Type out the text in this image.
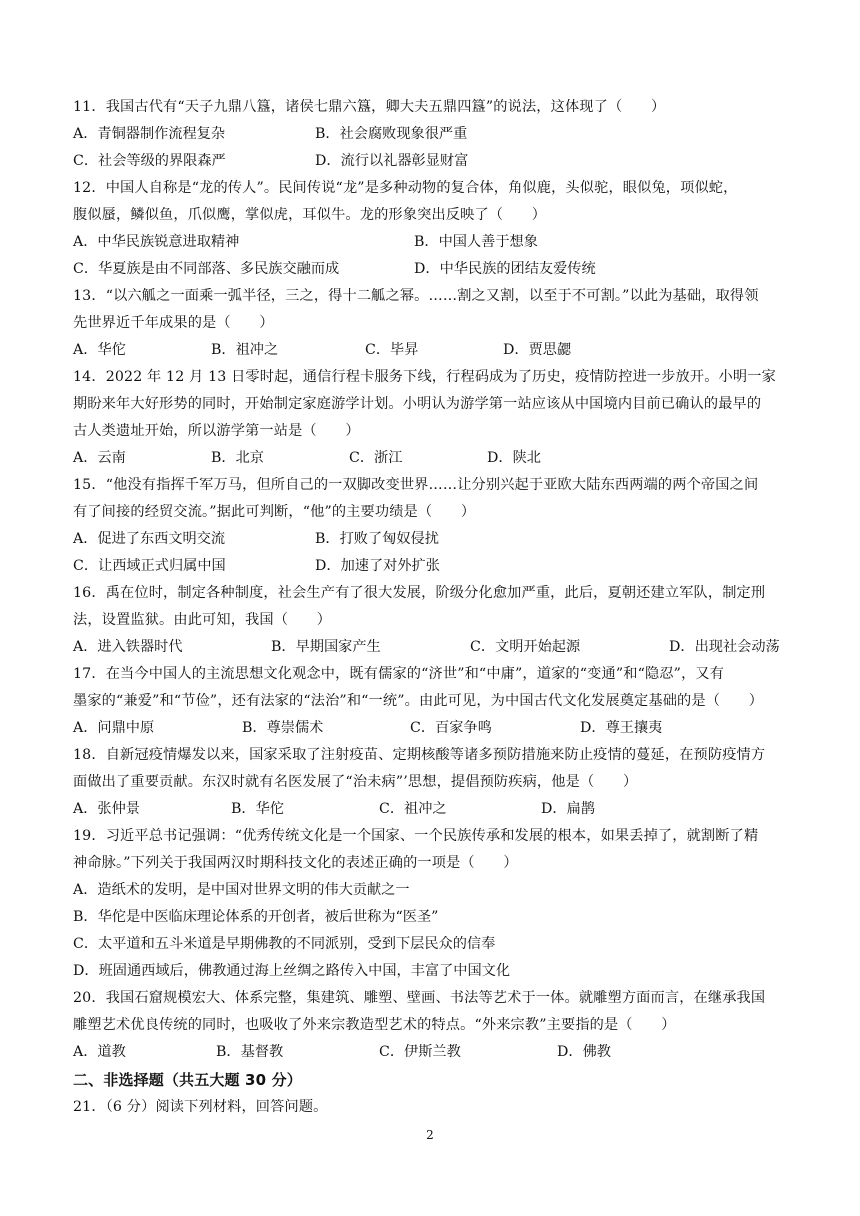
11．我国古代有“天子九鼎八簋，诸侯七鼎六簋，卿大夫五鼎四簋”的说法，这体现了（　　）
A．青铜器制作流程复杂	B．社会腐败现象很严重
C．社会等级的界限森严	D．流行以礼器彰显财富
12．中国人自称是“龙的传人”。民间传说“龙”是多种动物的复合体，角似鹿，头似驼，眼似兔，项似蛇，
腹似蜃，鳞似鱼，爪似鹰，掌似虎，耳似牛。龙的形象突出反映了（　　）
A．中华民族锐意进取精神	B．中国人善于想象
C．华夏族是由不同部落、多民族交融而成	D．中华民族的团结友爱传统
13．“以六觚之一面乘一弧半径，三之，得十二觚之幂。……割之又割，以至于不可割。”以此为基础，取得领
先世界近千年成果的是（　　）
A．华佗	B．祖冲之	C．毕昇	D．贾思勰
14．2022 年 12 月 13 日零时起，通信行程卡服务下线，行程码成为了历史，疫情防控进一步放开。小明一家
期盼来年大好形势的同时，开始制定家庭游学计划。小明认为游学第一站应该从中国境内目前已确认的最早的
古人类遗址开始，所以游学第一站是（　　）
A．云南	B．北京	C．浙江	D．陕北
15．“他没有指挥千军万马，但所自己的一双脚改变世界……让分别兴起于亚欧大陆东西两端的两个帝国之间
有了间接的经贸交流。”据此可判断，“他”的主要功绩是（　　）
A．促进了东西文明交流	B．打败了匈奴侵扰
C．让西域正式归属中国	D．加速了对外扩张
16．禹在位时，制定各种制度，社会生产有了很大发展，阶级分化愈加严重，此后，夏朝还建立军队，制定刑
法，设置监狱。由此可知，我国（　　）
A．进入铁器时代	B．早期国家产生	C．文明开始起源	D．出现社会动荡
17．在当今中国人的主流思想文化观念中，既有儒家的“济世”和“中庸”，道家的“变通”和“隐忍”，又有
墨家的“兼爱”和“节俭”，还有法家的“法治”和“一统”。由此可见，为中国古代文化发展奠定基础的是（　　）
A．问鼎中原	B．尊崇儒术	C．百家争鸣	D．尊王攘夷
18．自新冠疫情爆发以来，国家采取了注射疫苗、定期核酸等诸多预防措施来防止疫情的蔓延，在预防疫情方
面做出了重要贡献。东汉时就有名医发展了“治未病”’思想，提倡预防疾病，他是（　　）
A．张仲景	B．华佗	C．祖冲之	D．扁鹊
19．习近平总书记强调：“优秀传统文化是一个国家、一个民族传承和发展的根本，如果丢掉了，就割断了精
神命脉。”下列关于我国两汉时期科技文化的表述正确的一项是（　　）
A．造纸术的发明，是中国对世界文明的伟大贡献之一
B．华佗是中医临床理论体系的开创者，被后世称为“医圣”
C．太平道和五斗米道是早期佛教的不同派别，受到下层民众的信奉
D．班固通西域后，佛教通过海上丝绸之路传入中国，丰富了中国文化
20．我国石窟规模宏大、体系完整，集建筑、雕塑、壁画、书法等艺术于一体。就雕塑方面而言，在继承我国
雕塑艺术优良传统的同时，也吸收了外来宗教造型艺术的特点。“外来宗教”主要指的是（　　）
A．道教	B．基督教	C．伊斯兰教	D．佛教
二、非选择题（共五大题 30 分）
21．（6 分）阅读下列材料，回答问题。
2
